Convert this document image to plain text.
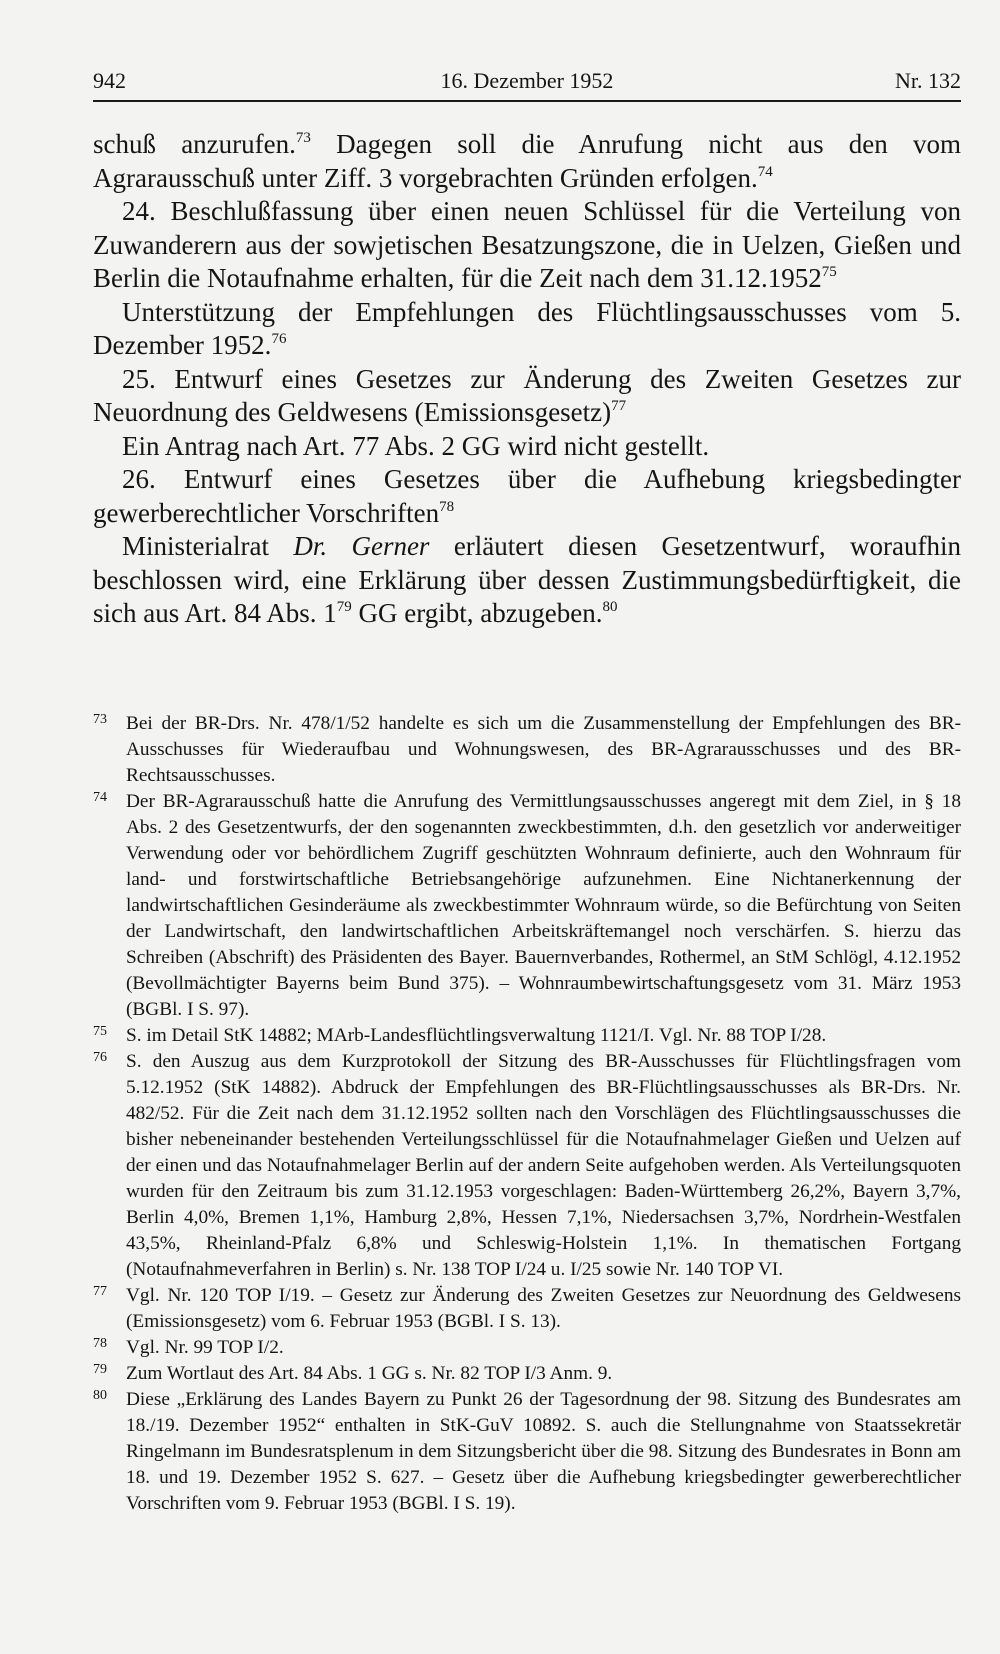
942	16. Dezember 1952	Nr. 132

schuß anzurufen.$^{73}$ Dagegen soll die Anrufung nicht aus den vom Agrarausschuß unter Ziff. 3 vorgebrachten Gründen erfolgen.$^{74}$

24. Beschlußfassung über einen neuen Schlüssel für die Verteilung von Zuwanderern aus der sowjetischen Besatzungszone, die in Uelzen, Gießen und Berlin die Notaufnahme erhalten, für die Zeit nach dem 31.12.1952$^{75}$

Unterstützung der Empfehlungen des Flüchtlingsausschusses vom 5. Dezember 1952.76

25. Entwurf eines Gesetzes zur Änderung des Zweiten Gesetzes zur Neuordnung des Geldwesens (Emissionsgesetz)$^{77}$

Ein Antrag nach Art. 77 Abs. 2 GG wird nicht gestellt.

26. Entwurf eines Gesetzes über die Aufhebung kriegsbedingter gewerberechtlicher Vorschriften$^{78}$

Ministerialrat Dr. Gerner erläutert diesen Gesetzentwurf, woraufhin beschlossen wird, eine Erklärung über dessen Zustimmungsbedürftigkeit, die sich aus Art. 84 Abs. $1^{79}$ GG ergibt, abzugeben.$^{80}$

73 Bei der BR-Drs. Nr. 478/1/52 handelte es sich um die Zusammenstellung der Empfehlungen des BR-Ausschusses für Wiederaufbau und Wohnungswesen, des BR-Agrarausschusses und des BR-Rechtsausschusses.

74 Der BR-Agrarausschuß hatte die Anrufung des Vermittlungsausschusses angeregt mit dem Ziel, in § 18 Abs. 2 des Gesetzentwurfs, der den sogenannten zweckbestimmten, d.h. den gesetzlich vor anderweitiger Verwendung oder vor behördlichem Zugriff geschützten Wohnraum definierte, auch den Wohnraum für land- und forstwirtschaftliche Betriebsangehörige aufzunehmen. Eine Nichtanerkennung der landwirtschaftlichen Gesinderäume als zweckbestimmter Wohnraum würde, so die Befürchtung von Seiten der Landwirtschaft, den landwirtschaftlichen Arbeitskräftemangel noch verschärfen. S. hierzu das Schreiben (Abschrift) des Präsidenten des Bayer. Bauernverbandes, Rothermel, an StM Schlögl, 4.12.1952 (Bevollmächtigter Bayerns beim Bund 375). – Wohnraumbewirtschaftungsgesetz vom 31. März 1953 (BGBl. I S. 97).

75 S. im Detail StK 14882; MArb-Landesflüchtlingsverwaltung 1121/I. Vgl. Nr. 88 TOP I/28.

76 S. den Auszug aus dem Kurzprotokoll der Sitzung des BR-Ausschusses für Flüchtlingsfragen vom 5.12.1952 (StK 14882). Abdruck der Empfehlungen des BR-Flüchtlingsausschusses als BR-Drs. Nr. 482/52. Für die Zeit nach dem 31.12.1952 sollten nach den Vorschlägen des Flüchtlingsausschusses die bisher nebeneinander bestehenden Verteilungsschlüssel für die Notaufnahmelager Gießen und Uelzen auf der einen und das Notaufnahmelager Berlin auf der andern Seite aufgehoben werden. Als Verteilungsquoten wurden für den Zeitraum bis zum 31.12.1953 vorgeschlagen: Baden-Württemberg 26,2%, Bayern 3,7%, Berlin 4,0%, Bremen 1,1%, Hamburg 2,8%, Hessen 7,1%, Niedersachsen 3,7%, Nordrhein-Westfalen 43,5%, Rheinland-Pfalz 6,8% und Schleswig-Holstein 1,1%. In thematischen Fortgang (Notaufnahmeverfahren in Berlin) s. Nr. 138 TOP I/24 u. I/25 sowie Nr. 140 TOP VI.

77 Vgl. Nr. 120 TOP I/19. – Gesetz zur Änderung des Zweiten Gesetzes zur Neuordnung des Geldwesens (Emissionsgesetz) vom 6. Februar 1953 (BGBl. I S. 13).

78 Vgl. Nr. 99 TOP I/2.

79 Zum Wortlaut des Art. 84 Abs. 1 GG s. Nr. 82 TOP I/3 Anm. 9.

80 Diese „Erklärung des Landes Bayern zu Punkt 26 der Tagesordnung der 98. Sitzung des Bundesrates am 18./19. Dezember 1952“ enthalten in StK-GuV 10892. S. auch die Stellungnahme von Staatssekretär Ringelmann im Bundesratsplenum in dem Sitzungsbericht über die 98. Sitzung des Bundesrates in Bonn am 18. und 19. Dezember 1952 S. 627. – Gesetz über die Aufhebung kriegsbedingter gewerberechtlicher Vorschriften vom 9. Februar 1953 (BGBl. I S. 19).
